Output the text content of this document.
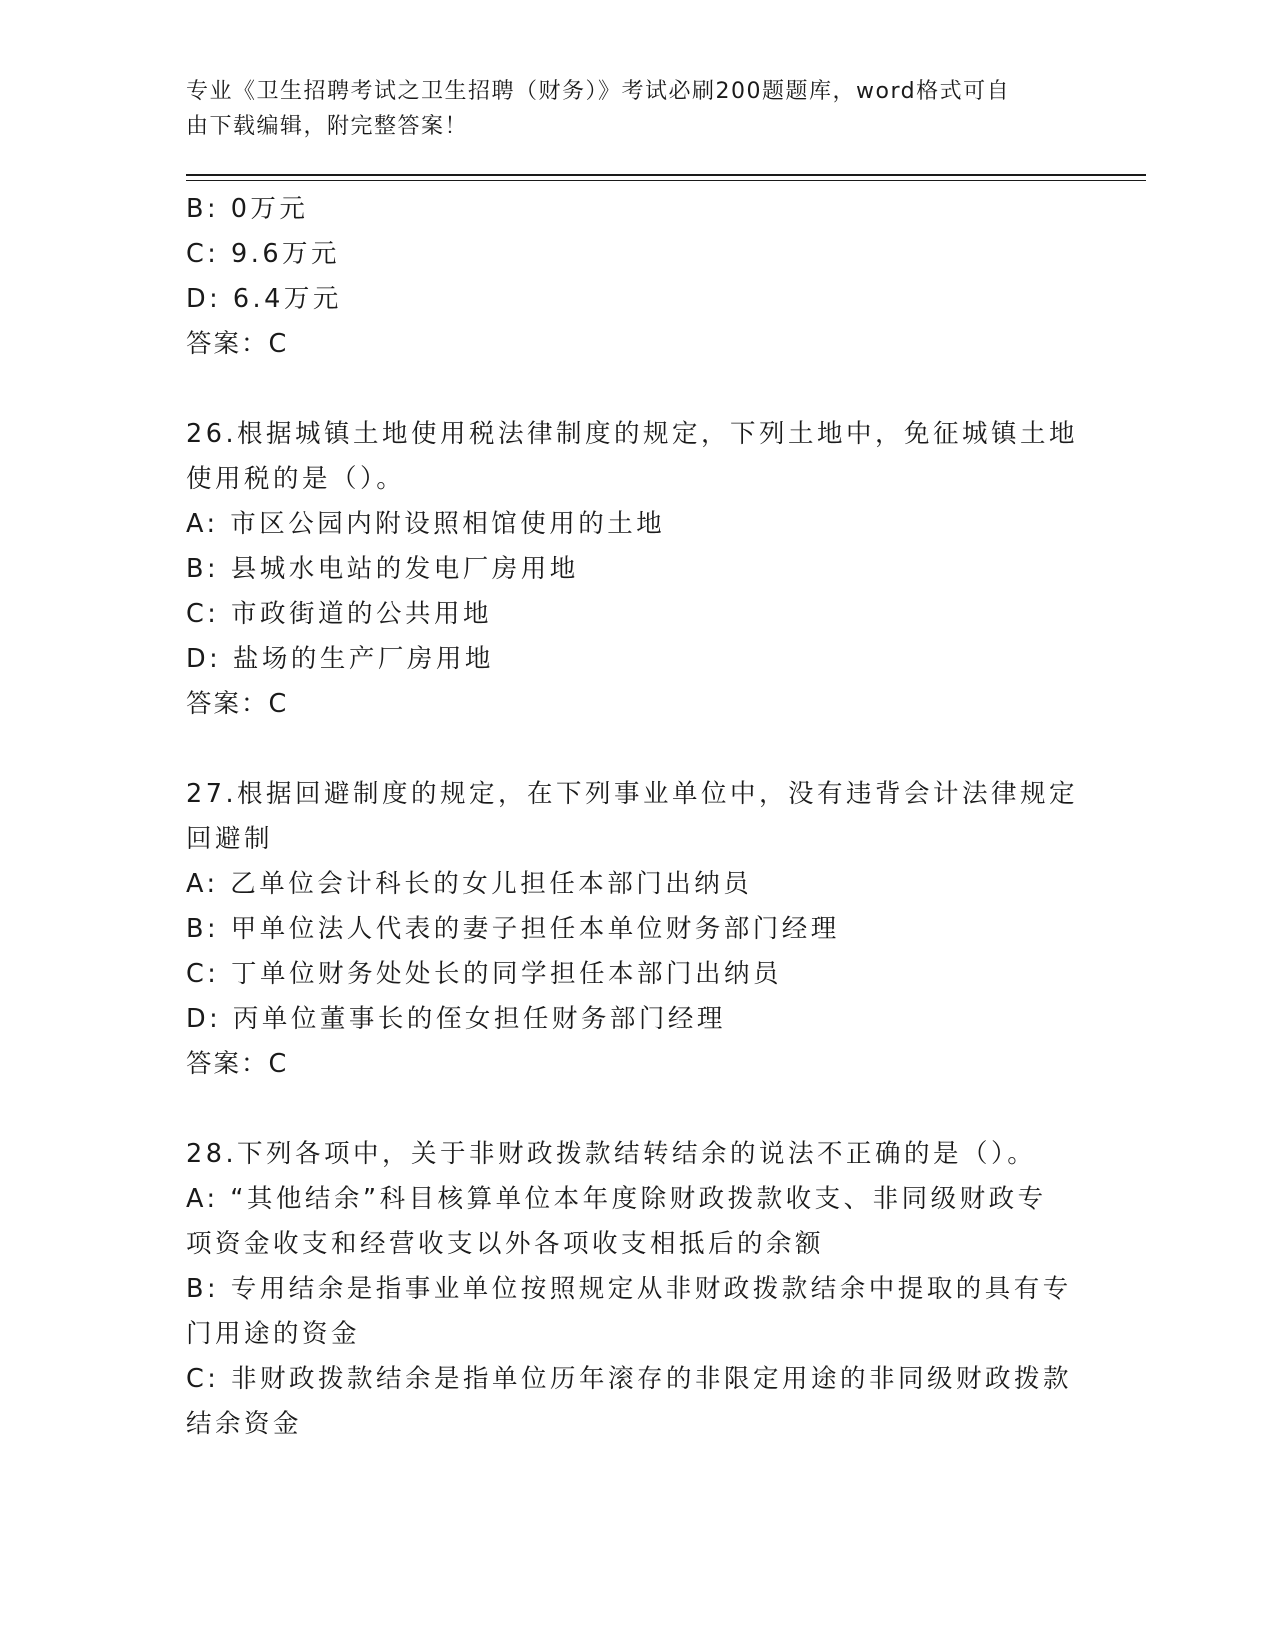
专业《卫生招聘考试之卫生招聘（财务）》考试必刷200题题库，word格式可自
由下载编辑，附完整答案！
B: 0万元
C: 9.6万元
D: 6.4万元
答案：C
26.根据城镇土地使用税法律制度的规定，下列土地中，免征城镇土地
使用税的是（）。
A: 市区公园内附设照相馆使用的土地
B: 县城水电站的发电厂房用地
C: 市政街道的公共用地
D: 盐场的生产厂房用地
答案：C
27.根据回避制度的规定，在下列事业单位中，没有违背会计法律规定
回避制
A: 乙单位会计科长的女儿担任本部门出纳员
B: 甲单位法人代表的妻子担任本单位财务部门经理
C: 丁单位财务处处长的同学担任本部门出纳员
D: 丙单位董事长的侄女担任财务部门经理
答案：C
28.下列各项中，关于非财政拨款结转结余的说法不正确的是（）。
A: “其他结余”科目核算单位本年度除财政拨款收支、非同级财政专
项资金收支和经营收支以外各项收支相抵后的余额
B: 专用结余是指事业单位按照规定从非财政拨款结余中提取的具有专
门用途的资金
C: 非财政拨款结余是指单位历年滚存的非限定用途的非同级财政拨款
结余资金
